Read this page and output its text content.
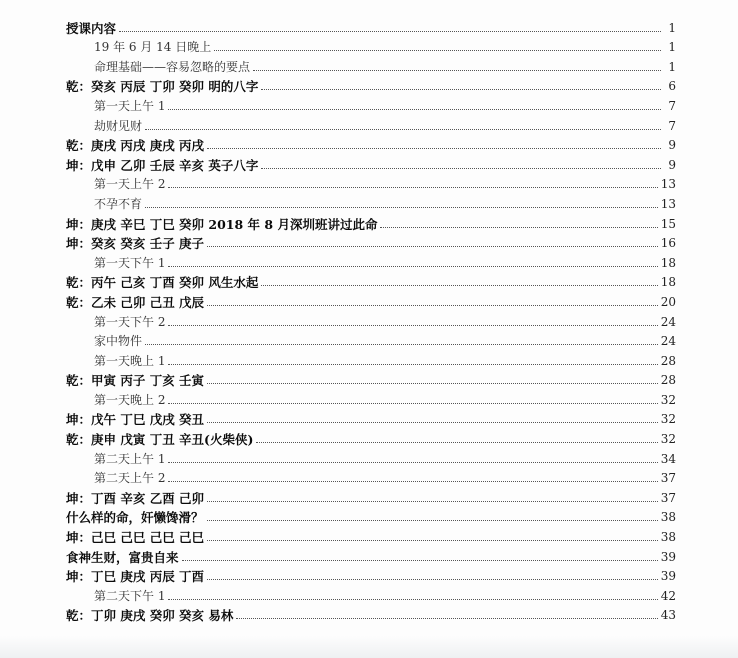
授课内容	1
19 年 6 月 14 日晚上	1
命理基础——容易忽略的要点	1
乾：癸亥 丙辰 丁卯 癸卯 明的八字	6
第一天上午 1	7
劫财见财	7
乾：庚戌 丙戌 庚戌 丙戌	9
坤：戊申 乙卯 壬辰 辛亥 英子八字	9
第一天上午 2	13
不孕不育	13
坤：庚戌 辛巳 丁巳 癸卯 2018 年 8 月深圳班讲过此命	15
坤：癸亥 癸亥 壬子 庚子	16
第一天下午 1	18
乾：丙午 己亥 丁酉 癸卯 风生水起	18
乾：乙未 己卯 己丑 戊辰	20
第一天下午 2	24
家中物件	24
第一天晚上 1	28
乾：甲寅 丙子 丁亥 壬寅	28
第一天晚上 2	32
坤：戊午 丁巳 戊戌 癸丑	32
乾：庚申 戊寅 丁丑 辛丑(火柴侠)	32
第二天上午 1	34
第二天上午 2	37
坤：丁酉 辛亥 乙酉 己卯	37
什么样的命，奸懒馋滑？	38
坤：己巳 己巳 己巳 己巳	38
食神生财，富贵自来	39
坤：丁巳 庚戌 丙辰 丁酉	39
第二天下午 1	42
乾：丁卯 庚戌 癸卯 癸亥 易林	43
